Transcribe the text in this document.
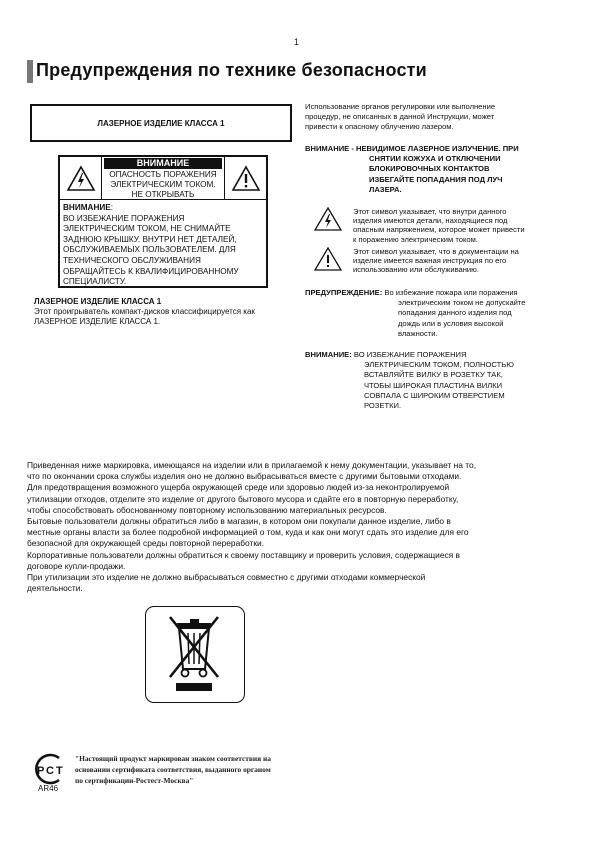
1
Предупреждения по технике безопасности
ЛАЗЕРНОЕ ИЗДЕЛИЕ КЛАССА 1
ВНИМАНИЕ
ОПАСНОСТЬ ПОРАЖЕНИЯ
ЭЛЕКТРИЧЕСКИМ ТОКОМ.
НЕ ОТКРЫВАТЬ
ВНИМАНИЕ:
ВО ИЗБЕЖАНИЕ ПОРАЖЕНИЯ
ЭЛЕКТРИЧЕСКИМ ТОКОМ, НЕ СНИМАЙТЕ
ЗАДНЮЮ КРЫШКУ. ВНУТРИ НЕТ ДЕТАЛЕЙ,
ОБСЛУЖИВАЕМЫХ ПОЛЬЗОВАТЕЛЕМ. ДЛЯ
ТЕХНИЧЕСКОГО ОБСЛУЖИВАНИЯ
ОБРАЩАЙТЕСЬ К КВАЛИФИЦИРОВАННОМУ
СПЕЦИАЛИСТУ.
ЛАЗЕРНОЕ ИЗДЕЛИЕ КЛАССА 1
Этот проигрыватель компакт-дисков классифицируется как
ЛАЗЕРНОЕ ИЗДЕЛИЕ КЛАССА 1.
Использование органов регулировки или выполнение
процедур, не описанных в данной Инструкции, может
привести к опасному облучению лазером.
ВНИМАНИЕ - НЕВИДИМОЕ ЛАЗЕРНОЕ ИЗЛУЧЕНИЕ. ПРИ
СНЯТИИ КОЖУХА И ОТКЛЮЧЕНИИ
БЛОКИРОВОЧНЫХ КОНТАКТОВ
ИЗБЕГАЙТЕ ПОПАДАНИЯ ПОД ЛУЧ
ЛАЗЕРА.
Этот символ указывает, что внутри данного
изделия имеются детали, находящиеся под
опасным напряжением, которое может привести
к поражению электрическим током.
Этот символ указывает, что в документации на
изделие имеется важная инструкция по его
использованию или обслуживанию.
ПРЕДУПРЕЖДЕНИЕ: Во избежание пожара или поражения
электрическим током не допускайте
попадания данного изделия под
дождь или в условия высокой
влажности.
ВНИМАНИЕ: ВО ИЗБЕЖАНИЕ ПОРАЖЕНИЯ
ЭЛЕКТРИЧЕСКИМ ТОКОМ, ПОЛНОСТЬЮ
ВСТАВЛЯЙТЕ ВИЛКУ В РОЗЕТКУ ТАК,
ЧТОБЫ ШИРОКАЯ ПЛАСТИНА ВИЛКИ
СОВПАЛА С ШИРОКИМ ОТВЕРСТИЕМ
РОЗЕТКИ.
Приведенная ниже маркировка, имеющаяся на изделии или в прилагаемой к нему документации, указывает на то,
что по окончании срока службы изделия оно не должно выбрасываться вместе с другими бытовыми отходами.
Для предотвращения возможного ущерба окружающей среде или здоровью людей из-за неконтролируемой
утилизации отходов, отделите это изделие от другого бытового мусора и сдайте его в повторную переработку,
чтобы способствовать обоснованному повторному использованию материальных ресурсов.
Бытовые пользователи должны обратиться либо в магазин, в котором они покупали данное изделие, либо в
местные органы власти за более подробной информацией о том, куда и как они могут сдать это изделие для его
безопасной для окружающей среды повторной переработки.
Корпоративные пользователи должны обратиться к своему поставщику и проверить условия, содержащиеся в
договоре купли-продажи.
При утилизации это изделие не должно выбрасываться совместно с другими отходами коммерческой
деятельности.
P C T
AR46
"Настоящий продукт маркирован знаком соответствия на
основании сертификата соответствия, выданного органом
по сертификации-Ростест-Москва"
